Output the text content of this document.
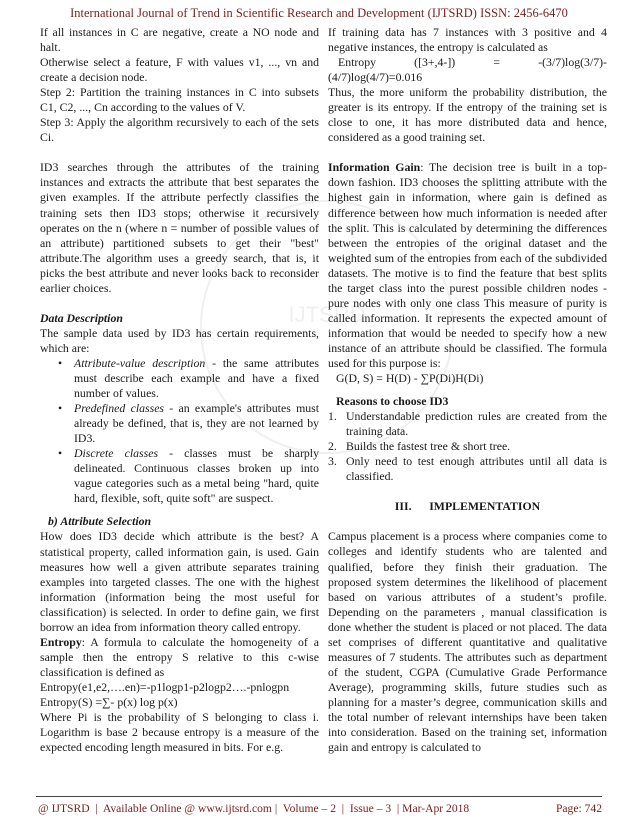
International Journal of Trend in Scientific Research and Development (IJTSRD) ISSN: 2456-6470
IJTSRD

If all instances in C are negative, create a NO node and halt.

Otherwise select a feature, F with values v1, ..., vn and create a decision node.

Step 2: Partition the training instances in C into subsets C1, C2, ..., Cn according to the values of V.

Step 3: Apply the algorithm recursively to each of the sets Ci.

ID3 searches through the attributes of the training instances and extracts the attribute that best separates the given examples. If the attribute perfectly classifies the training sets then ID3 stops; otherwise it recursively operates on the n (where n = number of possible values of an attribute) partitioned subsets to get their "best" attribute.The algorithm uses a greedy search, that is, it picks the best attribute and never looks back to reconsider earlier choices.

Data Description

The sample data used by ID3 has certain requirements, which are:

• Attribute-value description - the same attributes must describe each example and have a fixed number of values.
• Predefined classes - an example's attributes must already be defined, that is, they are not learned by ID3.
• Discrete classes - classes must be sharply delineated. Continuous classes broken up into vague categories such as a metal being "hard, quite hard, flexible, soft, quite soft" are suspect.

b) Attribute Selection

How does ID3 decide which attribute is the best? A statistical property, called information gain, is used. Gain measures how well a given attribute separates training examples into targeted classes. The one with the highest information (information being the most useful for classification) is selected. In order to define gain, we first borrow an idea from information theory called entropy.

Entropy: A formula to calculate the homogeneity of a sample then the entropy S relative to this c-wise classification is defined as

Entropy(e1,e2,….en)=-p1logp1-p2logp2….-pnlogpn

Entropy(S) =∑- p(x) log p(x)

Where Pi is the probability of S belonging to class i. Logarithm is base 2 because entropy is a measure of the expected encoding length measured in bits. For e.g.

If training data has 7 instances with 3 positive and 4 negative instances, the entropy is calculated as

Entropy	([3+,4-])	=	-(3/7)log(3/7)-

(4/7)log(4/7)=0.016

Thus, the more uniform the probability distribution, the greater is its entropy. If the entropy of the training set is close to one, it has more distributed data and hence, considered as a good training set.

Information Gain: The decision tree is built in a top-down fashion. ID3 chooses the splitting attribute with the highest gain in information, where gain is defined as difference between how much information is needed after the split. This is calculated by determining the differences between the entropies of the original dataset and the weighted sum of the entropies from each of the subdivided datasets. The motive is to find the feature that best splits the target class into the purest possible children nodes - pure nodes with only one class This measure of purity is called information. It represents the expected amount of information that would be needed to specify how a new instance of an attribute should be classified. The formula used for this purpose is:

G(D, S) = H(D) - ∑P(Di)H(Di)

Reasons to choose ID3

1. Understandable prediction rules are created from the training data.
2. Builds the fastest tree & short tree.
3. Only need to test enough attributes until all data is classified.

III.      IMPLEMENTATION

Campus placement is a process where companies come to colleges and identify students who are talented and qualified, before they finish their graduation. The proposed system determines the likelihood of placement based on various attributes of a student’s profile. Depending on the parameters , manual classification is done whether the student is placed or not placed. The data set comprises of different quantitative and qualitative measures of 7 students. The attributes such as department of the student, CGPA (Cumulative Grade Performance Average), programming skills, future studies such as planning for a master’s degree, communication skills and the total number of relevant internships have been taken into consideration. Based on the training set, information gain and entropy is calculated to

@ IJTSRD  |  Available Online @ www.ijtsrd.com |  Volume – 2  |  Issue – 3  | Mar-Apr 2018	Page: 742
